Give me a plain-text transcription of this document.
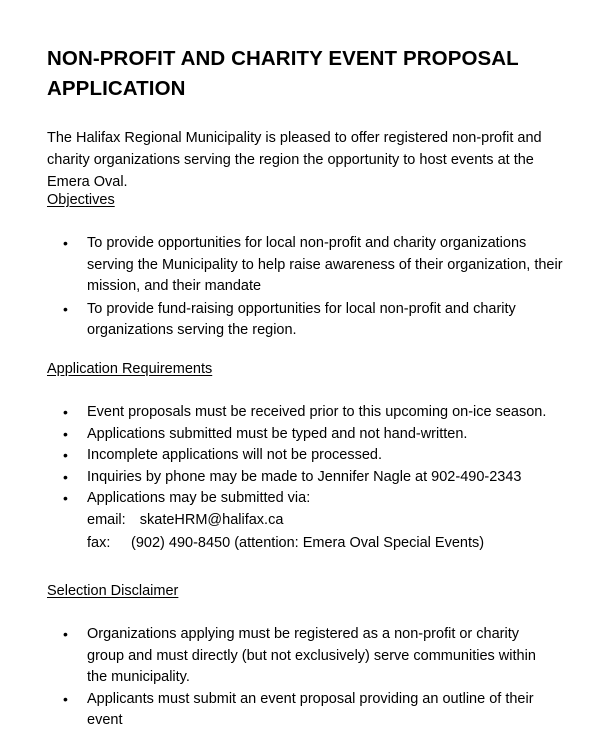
NON-PROFIT AND CHARITY EVENT PROPOSAL
APPLICATION

The Halifax Regional Municipality is pleased to offer registered non-profit and charity organizations serving the region the opportunity to host events at the Emera Oval.

Objectives

• To provide opportunities for local non-profit and charity organizations serving the Municipality to help raise awareness of their organization, their mission, and their mandate
• To provide fund-raising opportunities for local non-profit and charity organizations serving the region.

Application Requirements

• Event proposals must be received prior to this upcoming on-ice season.
• Applications submitted must be typed and not hand-written.
• Incomplete applications will not be processed.
• Inquiries by phone may be made to Jennifer Nagle at 902-490-2343
• Applications may be submitted via:
email: skateHRM@halifax.ca
fax: (902) 490-8450 (attention: Emera Oval Special Events)

Selection Disclaimer

• Organizations applying must be registered as a non-profit or charity group and must directly (but not exclusively) serve communities within the municipality.
• Applicants must submit an event proposal providing an outline of their event
